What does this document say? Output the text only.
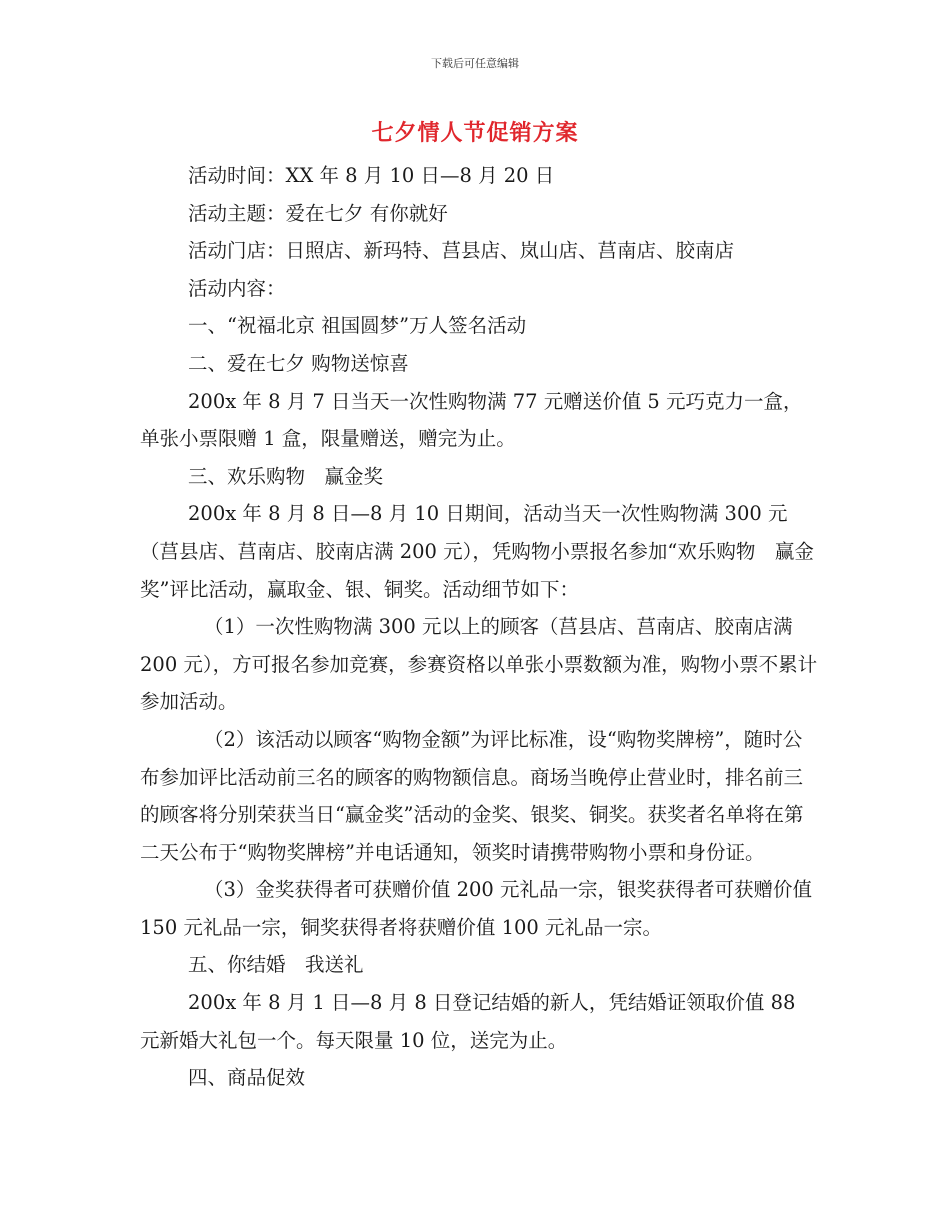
下载后可任意编辑
七夕情人节促销方案

活动时间：XX 年 8 月 10 日—8 月 20 日

活动主题：爱在七夕 有你就好

活动门店：日照店、新玛特、莒县店、岚山店、莒南店、胶南店

活动内容：

一、“祝福北京 祖国圆梦”万人签名活动

二、爱在七夕 购物送惊喜

200x 年 8 月 7 日当天一次性购物满 77 元赠送价值 5 元巧克力一盒，单张小票限赠 1 盒，限量赠送，赠完为止。

三、欢乐购物　赢金奖

200x 年 8 月 8 日—8 月 10 日期间，活动当天一次性购物满 300 元（莒县店、莒南店、胶南店满 200 元），凭购物小票报名参加“欢乐购物　赢金奖”评比活动，赢取金、银、铜奖。活动细节如下：

（1）一次性购物满 300 元以上的顾客（莒县店、莒南店、胶南店满 200 元），方可报名参加竞赛，参赛资格以单张小票数额为准，购物小票不累计参加活动。

（2）该活动以顾客“购物金额”为评比标准，设“购物奖牌榜”，随时公布参加评比活动前三名的顾客的购物额信息。商场当晚停止营业时，排名前三的顾客将分别荣获当日“赢金奖”活动的金奖、银奖、铜奖。获奖者名单将在第二天公布于“购物奖牌榜”并电话通知，领奖时请携带购物小票和身份证。

（3）金奖获得者可获赠价值 200 元礼品一宗，银奖获得者可获赠价值 150 元礼品一宗，铜奖获得者将获赠价值 100 元礼品一宗。

五、你结婚　我送礼

200x 年 8 月 1 日—8 月 8 日登记结婚的新人，凭结婚证领取价值 88 元新婚大礼包一个。每天限量 10 位，送完为止。

四、商品促效
